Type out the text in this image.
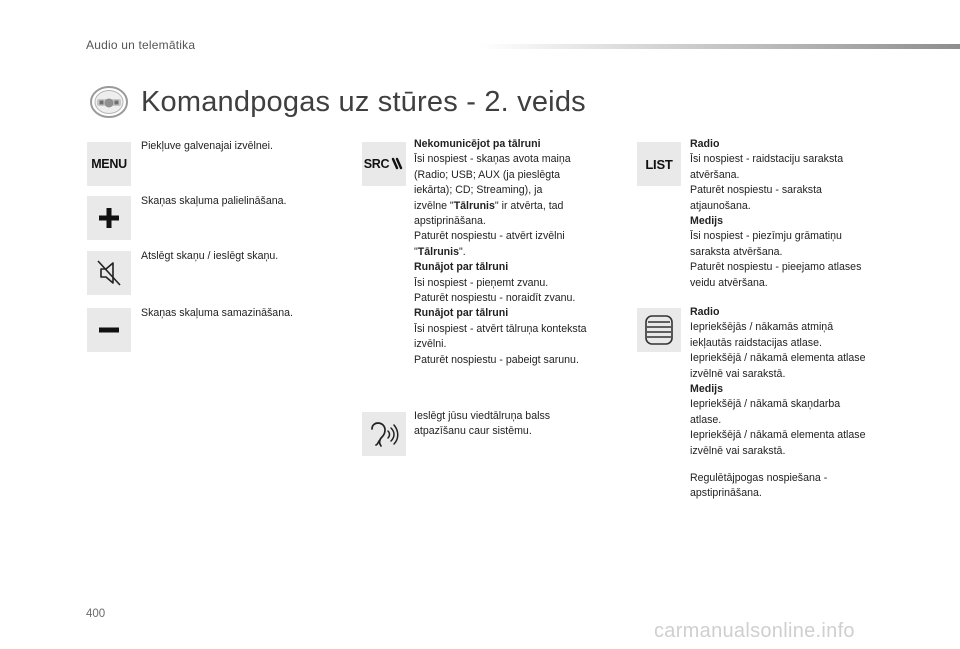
Audio un telemātika
Komandpogas uz stūres - 2. veids
MENU
Piekļuve galvenajai izvēlnei.
Skaņas skaļuma palielināšana.
Atslēgt skaņu / ieslēgt skaņu.
Skaņas skaļuma samazināšana.
SRC
Nekomunicējot pa tālruni
Īsi nospiest - skaņas avota maiņa
(Radio; USB; AUX (ja pieslēgta
iekārta); CD; Streaming), ja
izvēlne "Tālrunis" ir atvērta, tad
apstiprināšana.
Paturēt nospiestu - atvērt izvēlni
"Tālrunis".
Runājot par tālruni
Īsi nospiest - pieņemt zvanu.
Paturēt nospiestu - noraidīt zvanu.
Runājot par tālruni
Īsi nospiest - atvērt tālruņa konteksta
izvēlni.
Paturēt nospiestu - pabeigt sarunu.
Ieslēgt jūsu viedtālruņa balss
atpazīšanu caur sistēmu.
LIST
Radio
Īsi nospiest - raidstaciju saraksta
atvēršana.
Paturēt nospiestu - saraksta
atjaunošana.
Medijs
Īsi nospiest - piezīmju grāmatiņu
saraksta atvēršana.
Paturēt nospiestu - pieejamo atlases
veidu atvēršana.
Radio
Iepriekšējās / nākamās atmiņā
iekļautās raidstacijas atlase.
Iepriekšējā / nākamā elementa atlase
izvēlnē vai sarakstā.
Medijs
Iepriekšējā / nākamā skaņdarba
atlase.
Iepriekšējā / nākamā elementa atlase
izvēlnē vai sarakstā.
Regulētājpogas nospiešana -
apstiprināšana.
400
carmanualsonline.info
